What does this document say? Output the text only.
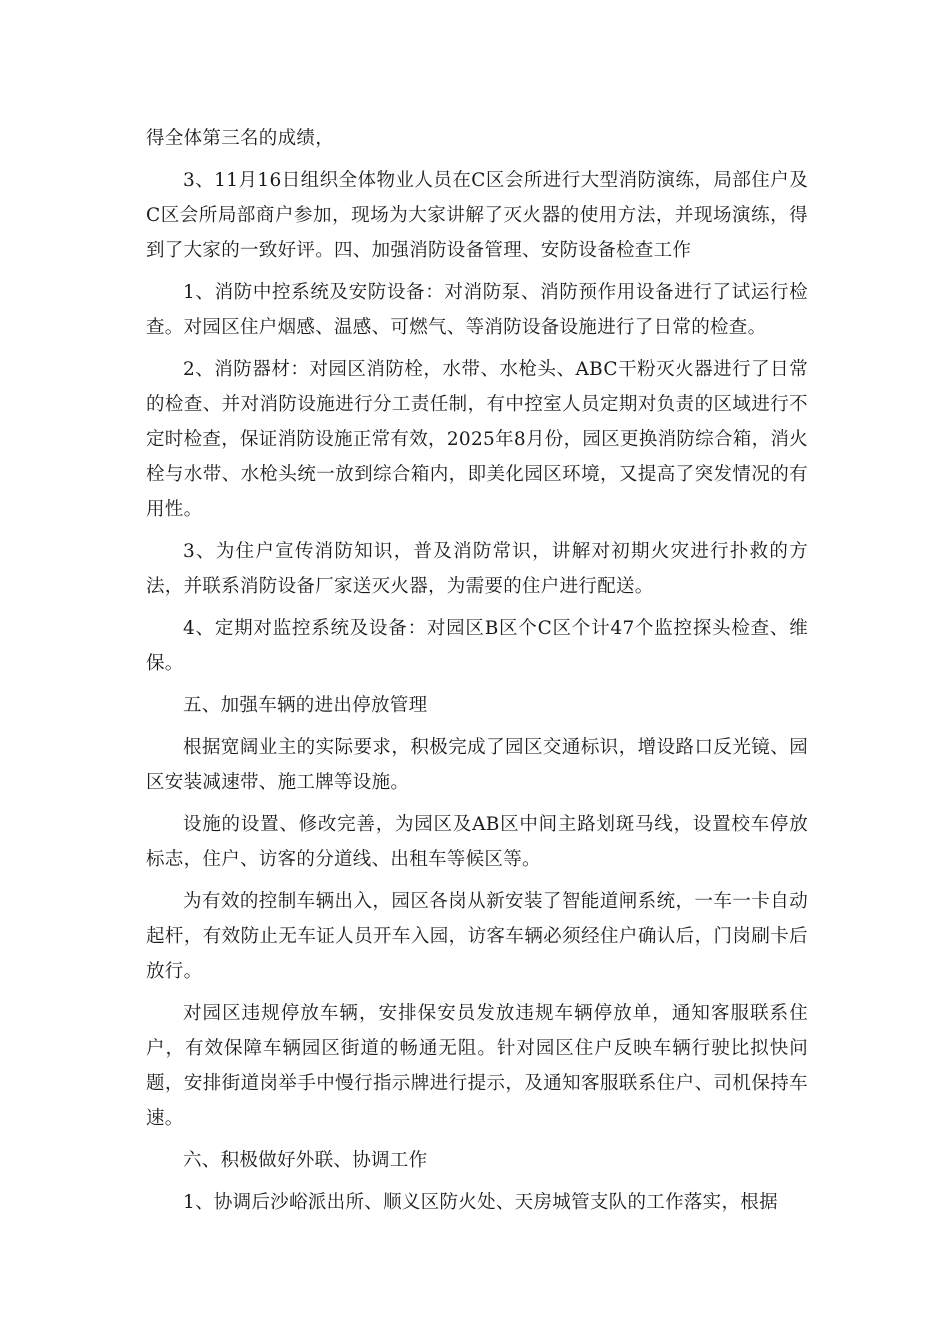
得全体第三名的成绩，

3、11月16日组织全体物业人员在C区会所进行大型消防演练，局部住户及C区会所局部商户参加，现场为大家讲解了灭火器的使用方法，并现场演练，得到了大家的一致好评。四、加强消防设备管理、安防设备检查工作

1、消防中控系统及安防设备：对消防泵、消防预作用设备进行了试运行检查。对园区住户烟感、温感、可燃气、等消防设备设施进行了日常的检查。

2、消防器材：对园区消防栓，水带、水枪头、ABC干粉灭火器进行了日常的检查、并对消防设施进行分工责任制，有中控室人员定期对负责的区域进行不定时检查，保证消防设施正常有效，2025年8月份，园区更换消防综合箱，消火栓与水带、水枪头统一放到综合箱内，即美化园区环境，又提高了突发情况的有用性。

3、为住户宣传消防知识，普及消防常识，讲解对初期火灾进行扑救的方法，并联系消防设备厂家送灭火器，为需要的住户进行配送。

4、定期对监控系统及设备：对园区B区个C区个计47个监控探头检查、维保。

五、加强车辆的进出停放管理

根据宽阔业主的实际要求，积极完成了园区交通标识，增设路口反光镜、园区安装减速带、施工牌等设施。

设施的设置、修改完善，为园区及AB区中间主路划斑马线，设置校车停放标志，住户、访客的分道线、出租车等候区等。

为有效的控制车辆出入，园区各岗从新安装了智能道闸系统，一车一卡自动起杆，有效防止无车证人员开车入园，访客车辆必须经住户确认后，门岗刷卡后放行。

对园区违规停放车辆，安排保安员发放违规车辆停放单，通知客服联系住户，有效保障车辆园区街道的畅通无阻。针对园区住户反映车辆行驶比拟快问题，安排街道岗举手中慢行指示牌进行提示，及通知客服联系住户、司机保持车速。

六、积极做好外联、协调工作

1、协调后沙峪派出所、顺义区防火处、天房城管支队的工作落实，根据
